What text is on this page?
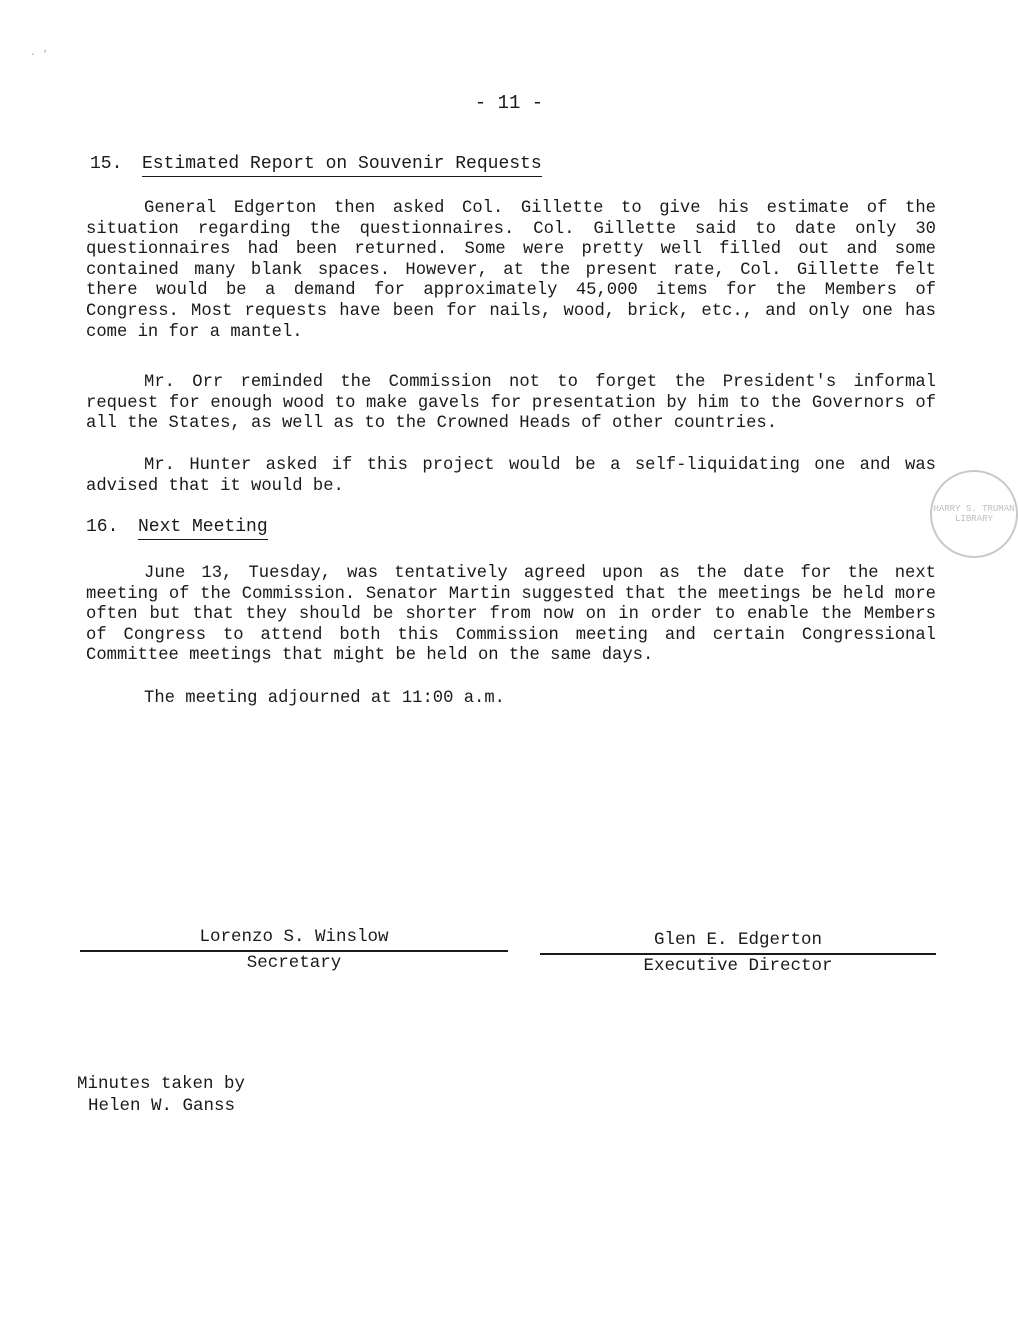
· ‘
- 11 -
15. Estimated Report on Souvenir Requests

General Edgerton then asked Col. Gillette to give his estimate of the situation regarding the questionnaires. Col. Gillette said to date only 30 questionnaires had been returned. Some were pretty well filled out and some contained many blank spaces. However, at the present rate, Col. Gillette felt there would be a demand for approximately 45,000 items for the Members of Congress. Most requests have been for nails, wood, brick, etc., and only one has come in for a mantel.

Mr. Orr reminded the Commission not to forget the President's informal request for enough wood to make gavels for presentation by him to the Governors of all the States, as well as to the Crowned Heads of other countries.

Mr. Hunter asked if this project would be a self-liquidating one and was advised that it would be.

16. Next Meeting

June 13, Tuesday, was tentatively agreed upon as the date for the next meeting of the Commission. Senator Martin suggested that the meetings be held more often but that they should be shorter from now on in order to enable the Members of Congress to attend both this Commission meeting and certain Congressional Committee meetings that might be held on the same days.

The meeting adjourned at 11:00 a.m.

Lorenzo S. Winslow
Secretary
Glen E. Edgerton
Executive Director
Minutes taken by
Helen W. Ganss
HARRY S. TRUMAN LIBRARY
